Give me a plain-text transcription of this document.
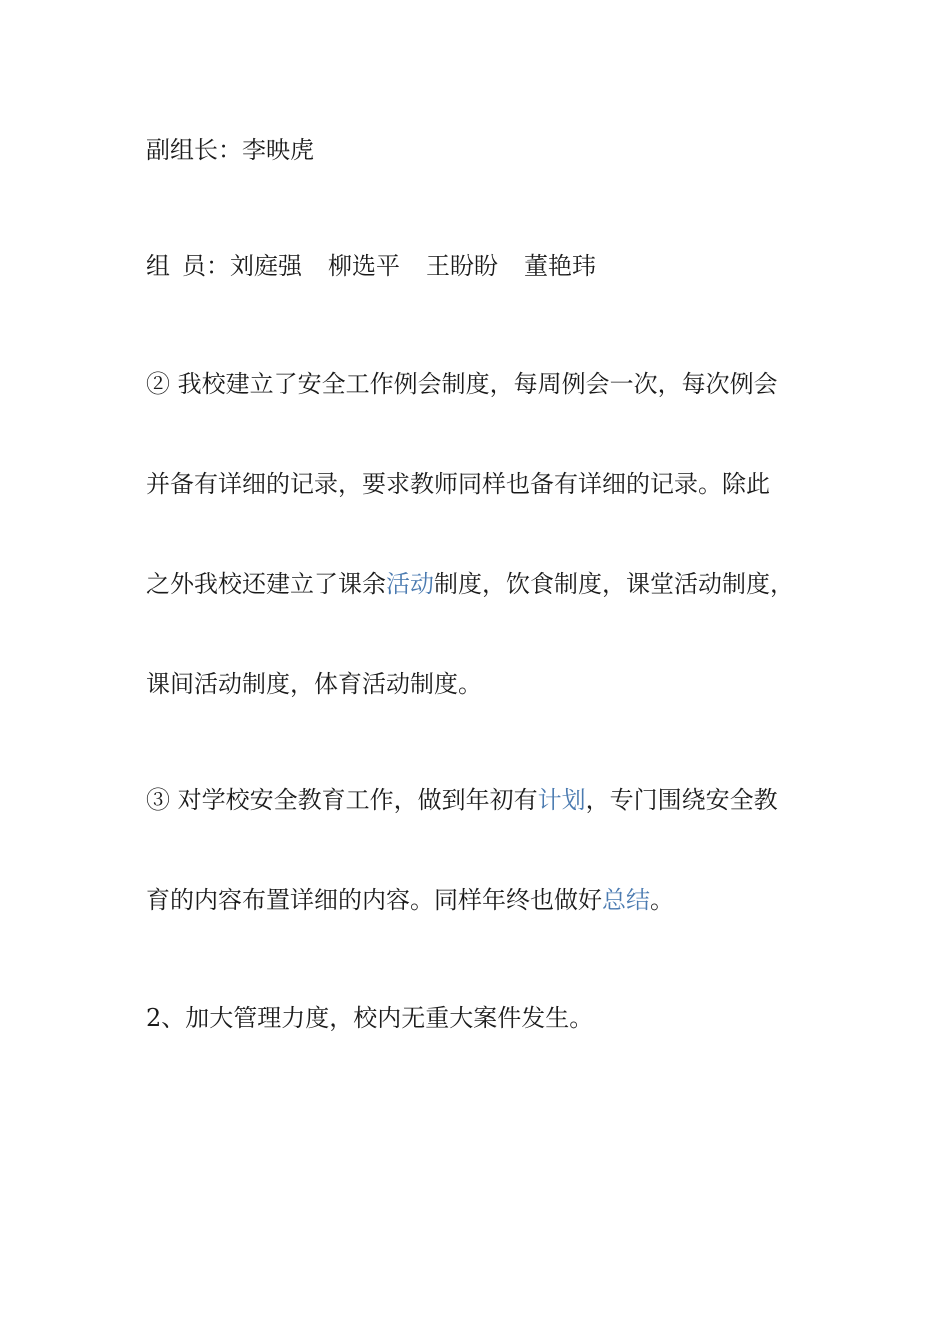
副组长：李映虎
组 员：刘庭强 柳选平 王盼盼 董艳玮
② 我校建立了安全工作例会制度，每周例会一次，每次例会
并备有详细的记录，要求教师同样也备有详细的记录。除此
之外我校还建立了课余活动制度，饮食制度，课堂活动制度，
课间活动制度，体育活动制度。
③ 对学校安全教育工作，做到年初有计划，专门围绕安全教
育的内容布置详细的内容。同样年终也做好总结。
2、加大管理力度，校内无重大案件发生。
